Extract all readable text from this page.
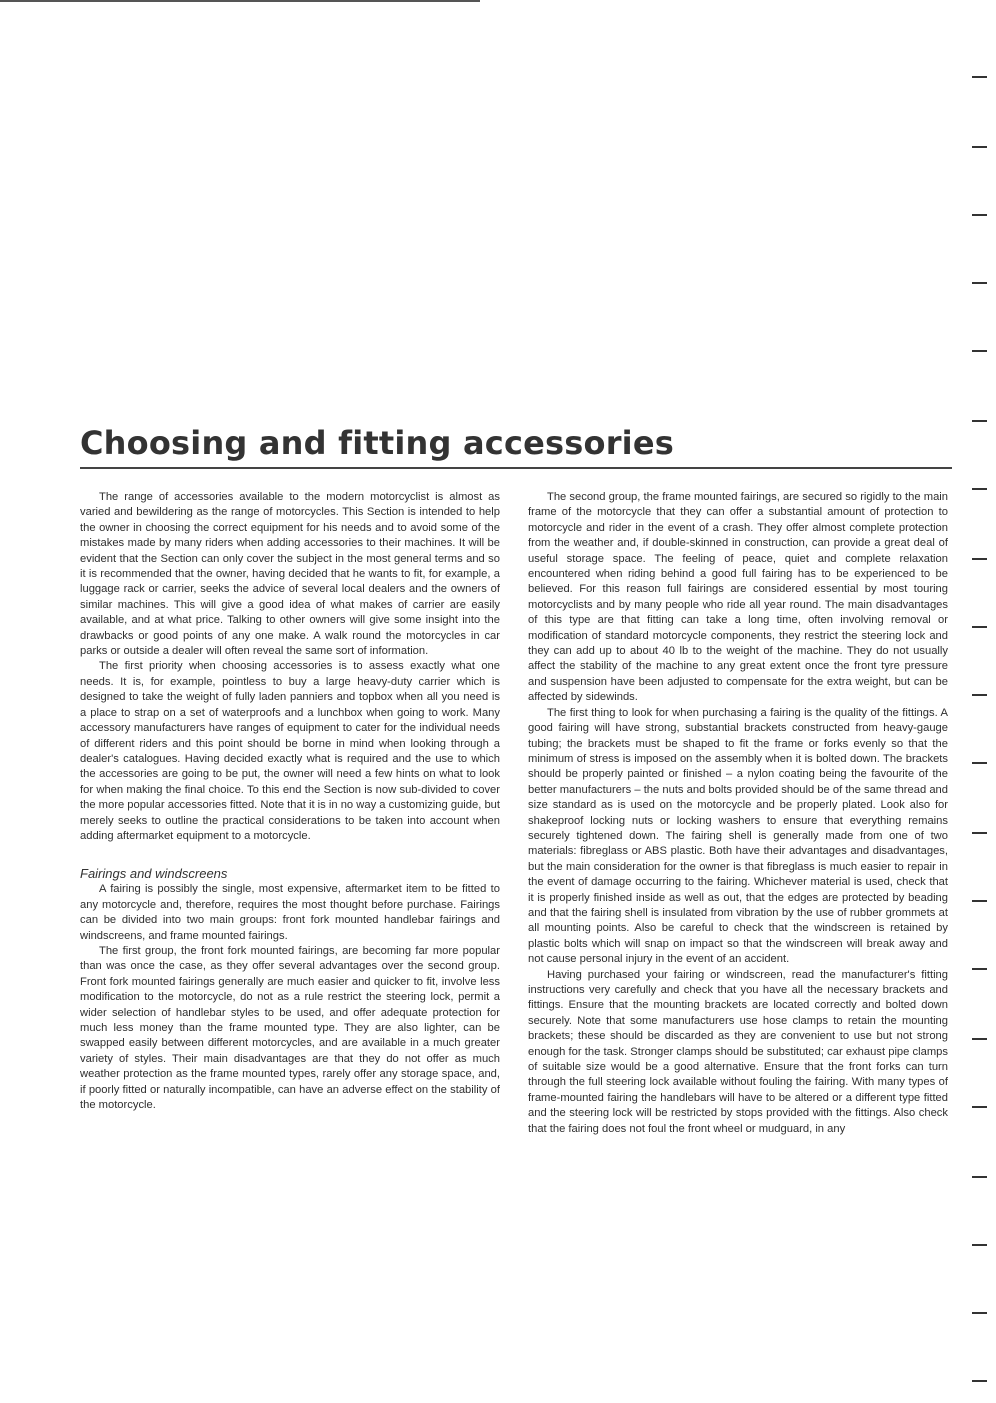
Choosing and fitting accessories

The range of accessories available to the modern motorcyclist is almost as varied and bewildering as the range of motorcycles. This Section is intended to help the owner in choosing the correct equipment for his needs and to avoid some of the mistakes made by many riders when adding accessories to their machines. It will be evident that the Section can only cover the subject in the most general terms and so it is recommended that the owner, having decided that he wants to fit, for example, a luggage rack or carrier, seeks the advice of several local dealers and the owners of similar machines. This will give a good idea of what makes of carrier are easily available, and at what price. Talking to other owners will give some insight into the drawbacks or good points of any one make. A walk round the motorcycles in car parks or outside a dealer will often reveal the same sort of information.

The first priority when choosing accessories is to assess exactly what one needs. It is, for example, pointless to buy a large heavy-duty carrier which is designed to take the weight of fully laden panniers and topbox when all you need is a place to strap on a set of waterproofs and a lunchbox when going to work. Many accessory manufacturers have ranges of equipment to cater for the individual needs of different riders and this point should be borne in mind when looking through a dealer's catalogues. Having decided exactly what is required and the use to which the accessories are going to be put, the owner will need a few hints on what to look for when making the final choice. To this end the Section is now sub-divided to cover the more popular accessories fitted. Note that it is in no way a customizing guide, but merely seeks to outline the practical considerations to be taken into account when adding aftermarket equipment to a motorcycle.

Fairings and windscreens

A fairing is possibly the single, most expensive, aftermarket item to be fitted to any motorcycle and, therefore, requires the most thought before purchase. Fairings can be divided into two main groups: front fork mounted handlebar fairings and windscreens, and frame mounted fairings.

The first group, the front fork mounted fairings, are becoming far more popular than was once the case, as they offer several advantages over the second group. Front fork mounted fairings generally are much easier and quicker to fit, involve less modification to the motorcycle, do not as a rule restrict the steering lock, permit a wider selection of handlebar styles to be used, and offer adequate protection for much less money than the frame mounted type. They are also lighter, can be swapped easily between different motorcycles, and are available in a much greater variety of styles. Their main disadvantages are that they do not offer as much weather protection as the frame mounted types, rarely offer any storage space, and, if poorly fitted or naturally incompatible, can have an adverse effect on the stability of the motorcycle.

The second group, the frame mounted fairings, are secured so rigidly to the main frame of the motorcycle that they can offer a substantial amount of protection to motorcycle and rider in the event of a crash. They offer almost complete protection from the weather and, if double-skinned in construction, can provide a great deal of useful storage space. The feeling of peace, quiet and complete relaxation encountered when riding behind a good full fairing has to be experienced to be believed. For this reason full fairings are considered essential by most touring motorcyclists and by many people who ride all year round. The main disadvantages of this type are that fitting can take a long time, often involving removal or modification of standard motorcycle components, they restrict the steering lock and they can add up to about 40 lb to the weight of the machine. They do not usually affect the stability of the machine to any great extent once the front tyre pressure and suspension have been adjusted to compensate for the extra weight, but can be affected by sidewinds.

The first thing to look for when purchasing a fairing is the quality of the fittings. A good fairing will have strong, substantial brackets constructed from heavy-gauge tubing; the brackets must be shaped to fit the frame or forks evenly so that the minimum of stress is imposed on the assembly when it is bolted down. The brackets should be properly painted or finished – a nylon coating being the favourite of the better manufacturers – the nuts and bolts provided should be of the same thread and size standard as is used on the motorcycle and be properly plated. Look also for shakeproof locking nuts or locking washers to ensure that everything remains securely tightened down. The fairing shell is generally made from one of two materials: fibreglass or ABS plastic. Both have their advantages and disadvantages, but the main consideration for the owner is that fibreglass is much easier to repair in the event of damage occurring to the fairing. Whichever material is used, check that it is properly finished inside as well as out, that the edges are protected by beading and that the fairing shell is insulated from vibration by the use of rubber grommets at all mounting points. Also be careful to check that the windscreen is retained by plastic bolts which will snap on impact so that the windscreen will break away and not cause personal injury in the event of an accident.

Having purchased your fairing or windscreen, read the manufacturer's fitting instructions very carefully and check that you have all the necessary brackets and fittings. Ensure that the mounting brackets are located correctly and bolted down securely. Note that some manufacturers use hose clamps to retain the mounting brackets; these should be discarded as they are convenient to use but not strong enough for the task. Stronger clamps should be substituted; car exhaust pipe clamps of suitable size would be a good alternative. Ensure that the front forks can turn through the full steering lock available without fouling the fairing. With many types of frame-mounted fairing the handlebars will have to be altered or a different type fitted and the steering lock will be restricted by stops provided with the fittings. Also check that the fairing does not foul the front wheel or mudguard, in any
